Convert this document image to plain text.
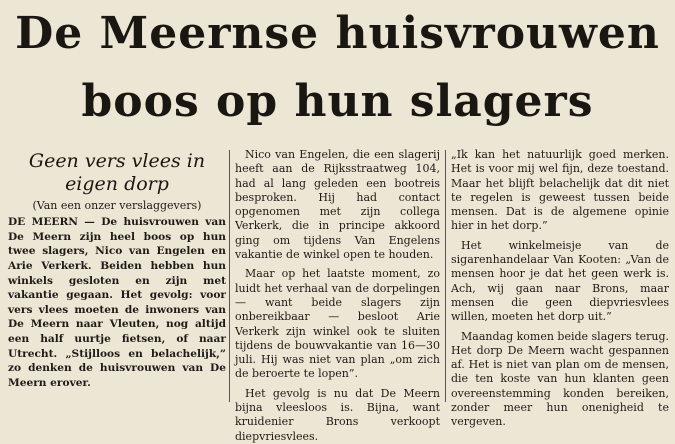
De Meernse huisvrouwen
boos op hun slagers
Geen vers vlees in eigen dorp
(Van een onzer verslaggevers)
DE MEERN — De huisvrouwen van De Meern zijn heel boos op hun twee slagers, Nico van Engelen en Arie Verkerk. Beiden hebben hun winkels gesloten en zijn met vakantie gegaan. Het gevolg: voor vers vlees moeten de inwoners van De Meern naar Vleuten, nog altijd een half uurtje fietsen, of naar Utrecht. „Stijlloos en belachelijk,” zo denken de huisvrouwen van De Meern erover.

Nico van Engelen, die een slagerij heeft aan de Rijksstraatweg 104, had al lang geleden een bootreis besproken. Hij had contact opgenomen met zijn collega Verkerk, die in principe akkoord ging om tijdens Van Engelens vakantie de winkel open te houden.

Maar op het laatste moment, zo luidt het verhaal van de dorpelingen — want beide slagers zijn onbereikbaar — besloot Arie Verkerk zijn winkel ook te sluiten tijdens de bouwvakantie van 16—30 juli. Hij was niet van plan „om zich de beroerte te lopen”.

Het gevolg is nu dat De Meern bijna vleesloos is. Bijna, want kruidenier Brons verkoopt diepvriesvlees.

„Ik kan het natuurlijk goed merken. Het is voor mij wel fijn, deze toestand. Maar het blijft belachelijk dat dit niet te regelen is geweest tussen beide mensen. Dat is de algemene opinie hier in het dorp.”

Het winkelmeisje van de sigarenhandelaar Van Kooten: „Van de mensen hoor je dat het geen werk is. Ach, wij gaan naar Brons, maar mensen die geen diepvriesvlees willen, moeten het dorp uit.”

Maandag komen beide slagers terug. Het dorp De Meern wacht gespannen af. Het is niet van plan om de mensen, die ten koste van hun klanten geen overeenstemming konden bereiken, zonder meer hun onenigheid te vergeven.
